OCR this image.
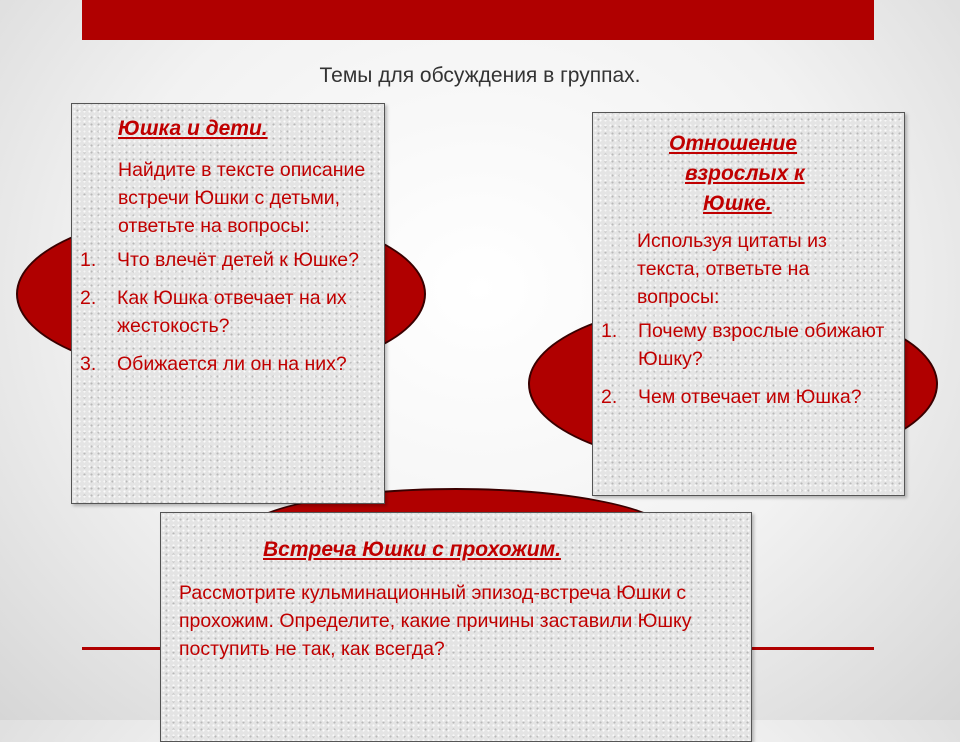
Темы для обсуждения в группах.
Юшка и дети.
Найдите в тексте описание встречи Юшки с детьми, ответьте на вопросы:
1. Что влечёт детей к Юшке?
2. Как Юшка отвечает на их жестокость?
3. Обижается ли он на них?
Отношение
взрослых к
Юшке.
Используя цитаты из текста, ответьте на вопросы:
1. Почему взрослые обижают Юшку?
2. Чем отвечает им Юшка?
Встреча Юшки с прохожим.
Рассмотрите кульминационный эпизод-встреча Юшки с прохожим. Определите, какие причины заставили Юшку поступить не так, как всегда?
